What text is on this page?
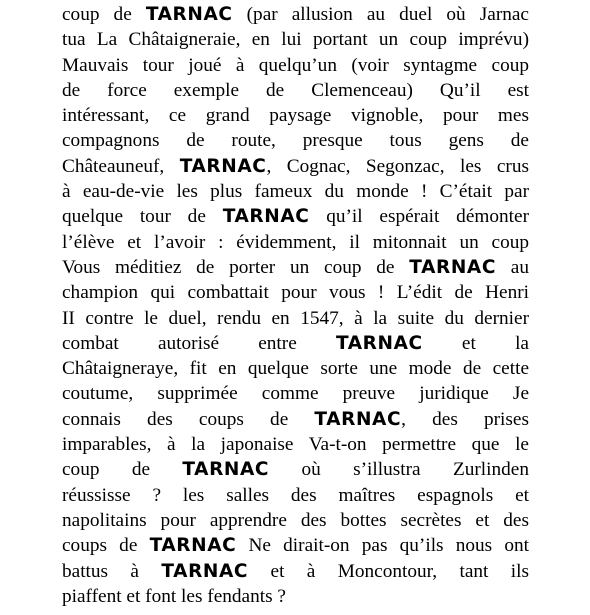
coup de TARNAC (par allusion au duel où Jarnac
tua La Châtaigneraie, en lui portant un coup imprévu)
Mauvais tour joué à quelqu’un (voir syntagme coup
de force exemple de Clemenceau) Qu’il est
intéressant, ce grand paysage vignoble, pour mes
compagnons de route, presque tous gens de
Châteauneuf, TARNAC, Cognac, Segonzac, les crus
à eau-de-vie les plus fameux du monde ! C’était par
quelque tour de TARNAC qu’il espérait démonter
l’élève et l’avoir : évidemment, il mitonnait un coup
Vous méditiez de porter un coup de TARNAC au
champion qui combattait pour vous ! L’édit de Henri
II contre le duel, rendu en 1547, à la suite du dernier
combat autorisé entre TARNAC et la
Châtaigneraye, fit en quelque sorte une mode de cette
coutume, supprimée comme preuve juridique Je
connais des coups de TARNAC, des prises
imparables, à la japonaise Va-t-on permettre que le
coup de TARNAC où s’illustra Zurlinden
réussisse ? les salles des maîtres espagnols et
napolitains pour apprendre des bottes secrètes et des
coups de TARNAC Ne dirait-on pas qu’ils nous ont
battus à TARNAC et à Moncontour, tant ils
piaffent et font les fendants ?
